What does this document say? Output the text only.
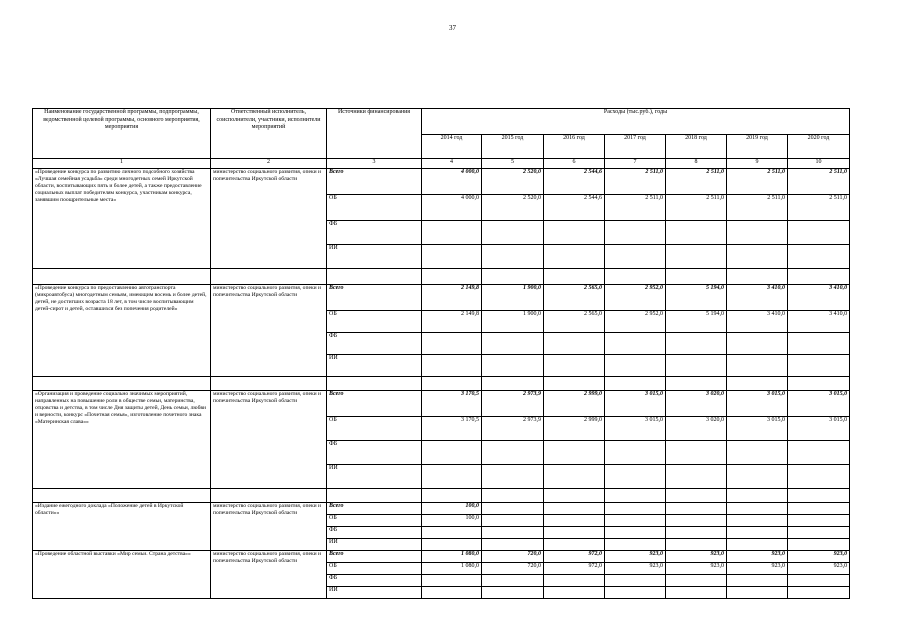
37
Наименование государственной программы, подпрограммы, ведомственной целевой программы, основного мероприятия, мероприятия	Ответственный исполнитель, соисполнители, участники, исполнители мероприятий	Источники финансирования	Расходы (тыс.руб.), годы						
			2014 год	2015 год	2016 год	2017 год	2018 год	2019 год	2020 год
1	2	3	4	5	6	7	8	9	10
«Проведение конкурса по развитию личного подсобного хозяйства «Лучшая семейная усадьба» среди многодетных семей Иркутской области, воспитывающих пять и более детей, а также предоставление социальных выплат победителям конкурса, участникам конкурса, занявшим поощрительные места»	министерство социального развития, опеки и попечительства Иркутской области	Всего	4 000,0	2 520,0	2 544,6	2 511,0	2 511,0	2 511,0	2 511,0
		ОБ	4 000,0	2 520,0	2 544,6	2 511,0	2 511,0	2 511,0	2 511,0
		ФБ							
		ИИ							

«Проведение конкурса по предоставлению автотранспорта (микроавтобуса) многодетным семьям, имеющим восемь и более детей, детей, не достигших возраста 18 лет, в том числе воспитывающим детей-сирот и детей, оставшихся без попечения родителей»	министерство социального развития, опеки и попечительства Иркутской области	Всего	2 149,8	1 900,0	2 565,0	2 952,0	5 194,0	3 410,0	3 410,0
		ОБ	2 149,8	1 900,0	2 565,0	2 952,0	5 194,0	3 410,0	3 410,0
		ФБ							
		ИИ							

«Организация и проведение социально значимых мероприятий, направленных на повышение роли в обществе семьи, материнства, отцовства и детства, в том числе Дня защиты детей, День семьи, любви и верности, конкурс «Почетная семья», изготовление почетного знака «Материнская слава»»	министерство социального развития, опеки и попечительства Иркутской области	Всего	3 170,5	2 973,9	2 999,0	3 015,0	3 020,0	3 015,0	3 015,0
		ОБ	3 170,5	2 973,9	2 999,0	3 015,0	3 020,0	3 015,0	3 015,0
		ФБ							
		ИИ							

«Издание ежегодного доклада «Положение детей в Иркутской области»»	министерство социального развития, опеки и попечительства Иркутской области	Всего	100,0						
		ОБ	100,0						
		ФБ							
		ИИ							
«Проведение областной выставки «Мир семьи. Страна детства»»	министерство социального развития, опеки и попечительства Иркутской области	Всего	1 080,0	720,0	972,0	923,0	923,0	923,0	923,0
		ОБ	1 080,0	720,0	972,0	923,0	923,0	923,0	923,0
		ФБ							
		ИИ							
